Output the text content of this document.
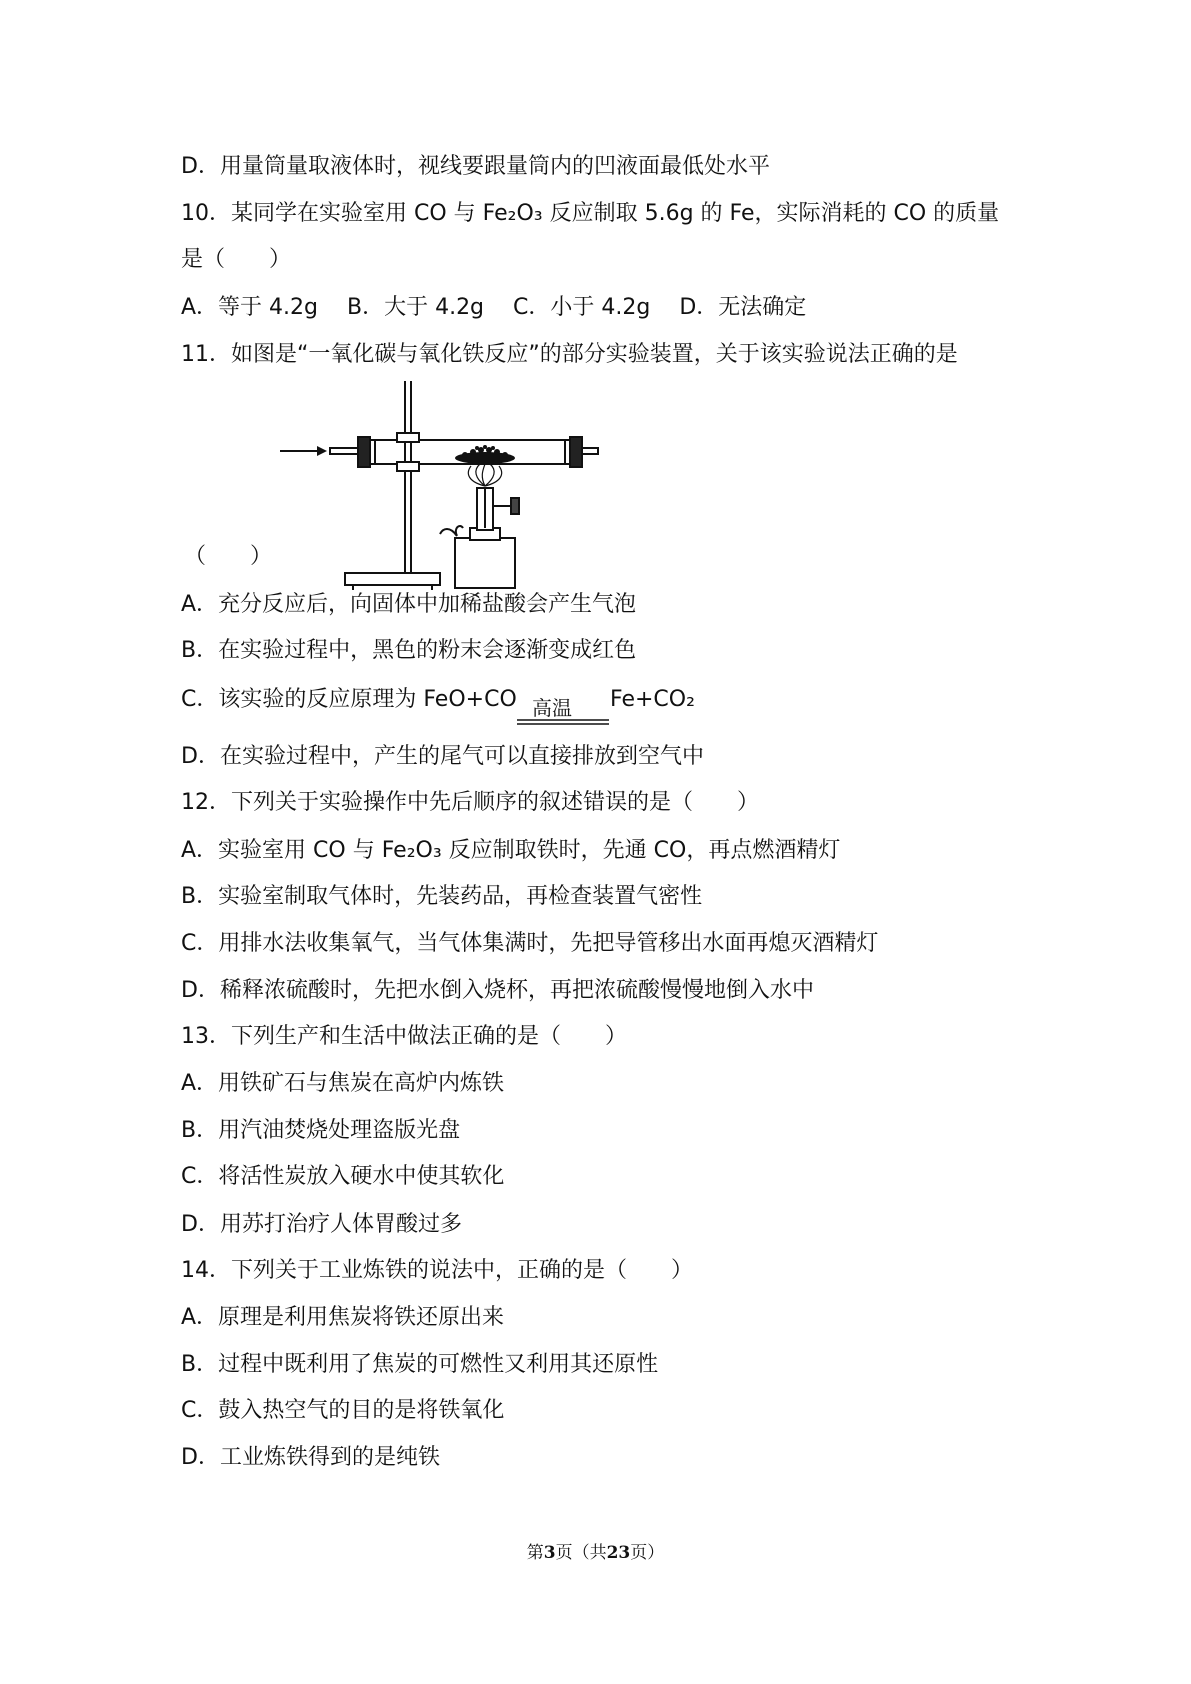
D．用量筒量取液体时，视线要跟量筒内的凹液面最低处水平
10．某同学在实验室用 CO 与 Fe₂O₃ 反应制取 5.6g 的 Fe，实际消耗的 CO 的质量
是（　　）
A．等于 4.2g　 B．大于 4.2g　 C．小于 4.2g　 D．无法确定
11．如图是“一氧化碳与氧化铁反应”的部分实验装置，关于该实验说法正确的是
（　　）
A．充分反应后，向固体中加稀盐酸会产生气泡
B．在实验过程中，黑色的粉末会逐渐变成红色
C．该实验的反应原理为 FeO+CO 高温 Fe+CO₂
D．在实验过程中，产生的尾气可以直接排放到空气中
12．下列关于实验操作中先后顺序的叙述错误的是（　　）
A．实验室用 CO 与 Fe₂O₃ 反应制取铁时，先通 CO，再点燃酒精灯
B．实验室制取气体时，先装药品，再检查装置气密性
C．用排水法收集氧气，当气体集满时，先把导管移出水面再熄灭酒精灯
D．稀释浓硫酸时，先把水倒入烧杯，再把浓硫酸慢慢地倒入水中
13．下列生产和生活中做法正确的是（　　）
A．用铁矿石与焦炭在高炉内炼铁
B．用汽油焚烧处理盗版光盘
C．将活性炭放入硬水中使其软化
D．用苏打治疗人体胃酸过多
14．下列关于工业炼铁的说法中，正确的是（　　）
A．原理是利用焦炭将铁还原出来
B．过程中既利用了焦炭的可燃性又利用其还原性
C．鼓入热空气的目的是将铁氧化
D．工业炼铁得到的是纯铁
第3页（共23页）
